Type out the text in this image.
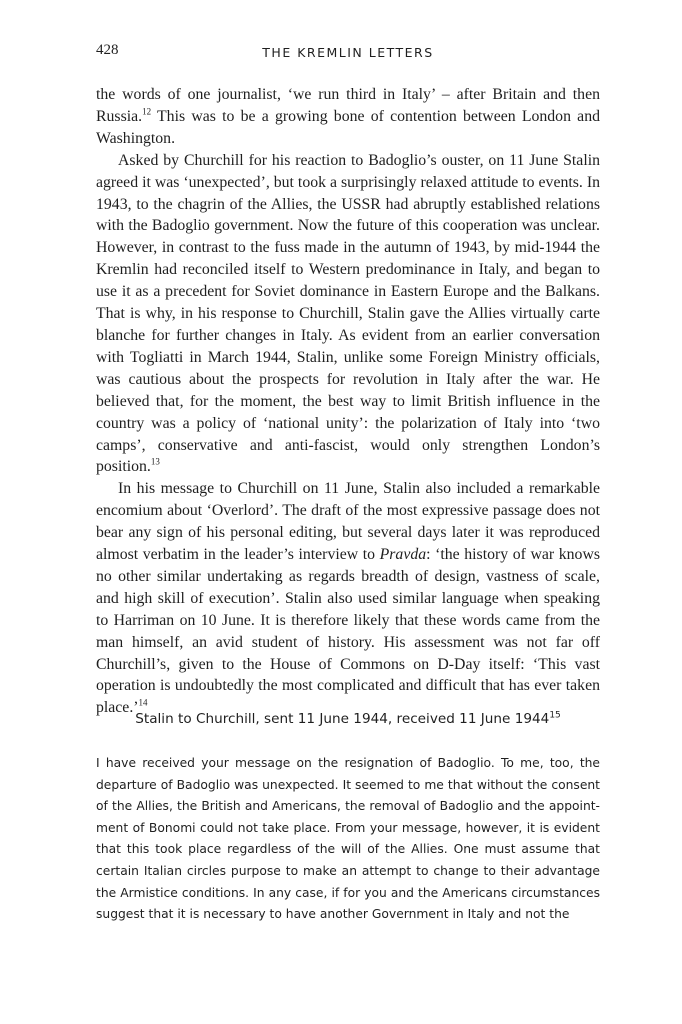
428	THE KREMLIN LETTERS

the words of one journalist, ‘we run third in Italy’ – after Britain and then Russia.$^{12}$ This was to be a growing bone of contention between London and Washington.

Asked by Churchill for his reaction to Badoglio’s ouster, on 11 June Stalin agreed it was ‘unexpected’, but took a surprisingly relaxed attitude to events. In 1943, to the chagrin of the Allies, the USSR had abruptly established relations with the Badoglio government. Now the future of this cooperation was unclear. However, in contrast to the fuss made in the autumn of 1943, by mid-1944 the Kremlin had reconciled itself to Western predominance in Italy, and began to use it as a precedent for Soviet dominance in Eastern Europe and the Balkans. That is why, in his response to Churchill, Stalin gave the Allies virtually carte blanche for further changes in Italy. As evident from an earlier conversation with Togliatti in March 1944, Stalin, unlike some Foreign Ministry officials, was cautious about the prospects for revolution in Italy after the war. He believed that, for the moment, the best way to limit British influence in the country was a policy of ‘national unity’: the polarization of Italy into ‘two camps’, conservative and anti-fascist, would only strengthen London’s position.$^{13}$

In his message to Churchill on 11 June, Stalin also included a remarkable encomium about ‘Overlord’. The draft of the most expressive passage does not bear any sign of his personal editing, but several days later it was reproduced almost verbatim in the leader’s interview to Pravda: ‘the history of war knows no other similar undertaking as regards breadth of design, vastness of scale, and high skill of execution’. Stalin also used similar language when speaking to Harriman on 10 June. It is therefore likely that these words came from the man himself, an avid student of history. His assessment was not far off Churchill’s, given to the House of Commons on D-Day itself: ‘This vast operation is undoubtedly the most complicated and difficult that has ever taken place.’$^{14}$

Stalin to Churchill, sent 11 June 1944, received 11 June 1944$^{15}$

I have received your message on the resignation of Badoglio. To me, too, the departure of Badoglio was unexpected. It seemed to me that without the consent of the Allies, the British and Americans, the removal of Badoglio and the appoint-ment of Bonomi could not take place. From your message, however, it is evident that this took place regardless of the will of the Allies. One must assume that certain Italian circles purpose to make an attempt to change to their advantage the Armistice conditions. In any case, if for you and the Americans circumstances suggest that it is necessary to have another Government in Italy and not the
